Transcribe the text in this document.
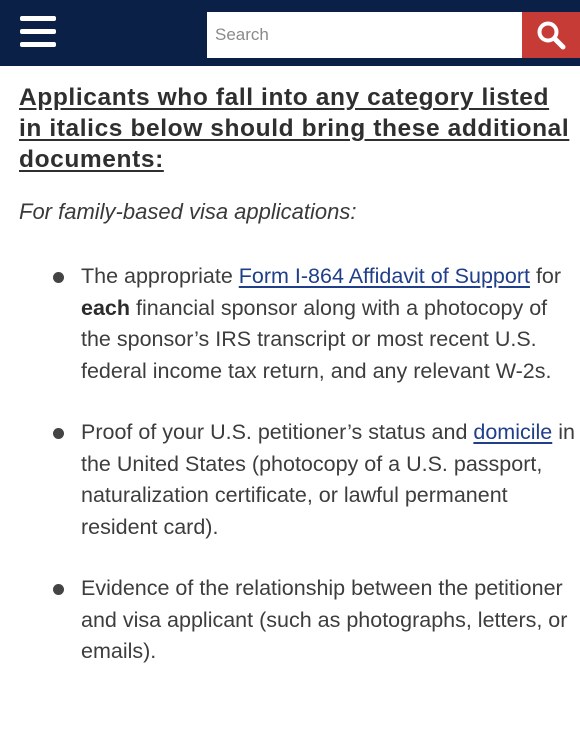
Search
Applicants who fall into any category listed in italics below should bring these additional documents:

For family-based visa applications:

The appropriate Form I-864 Affidavit of Support for each financial sponsor along with a photocopy of the sponsor’s IRS transcript or most recent U.S. federal income tax return, and any relevant W-2s.
Proof of your U.S. petitioner’s status and domicile in the United States (photocopy of a U.S. passport, naturalization certificate, or lawful permanent resident card).
Evidence of the relationship between the petitioner and visa applicant (such as photographs, letters, or emails).
